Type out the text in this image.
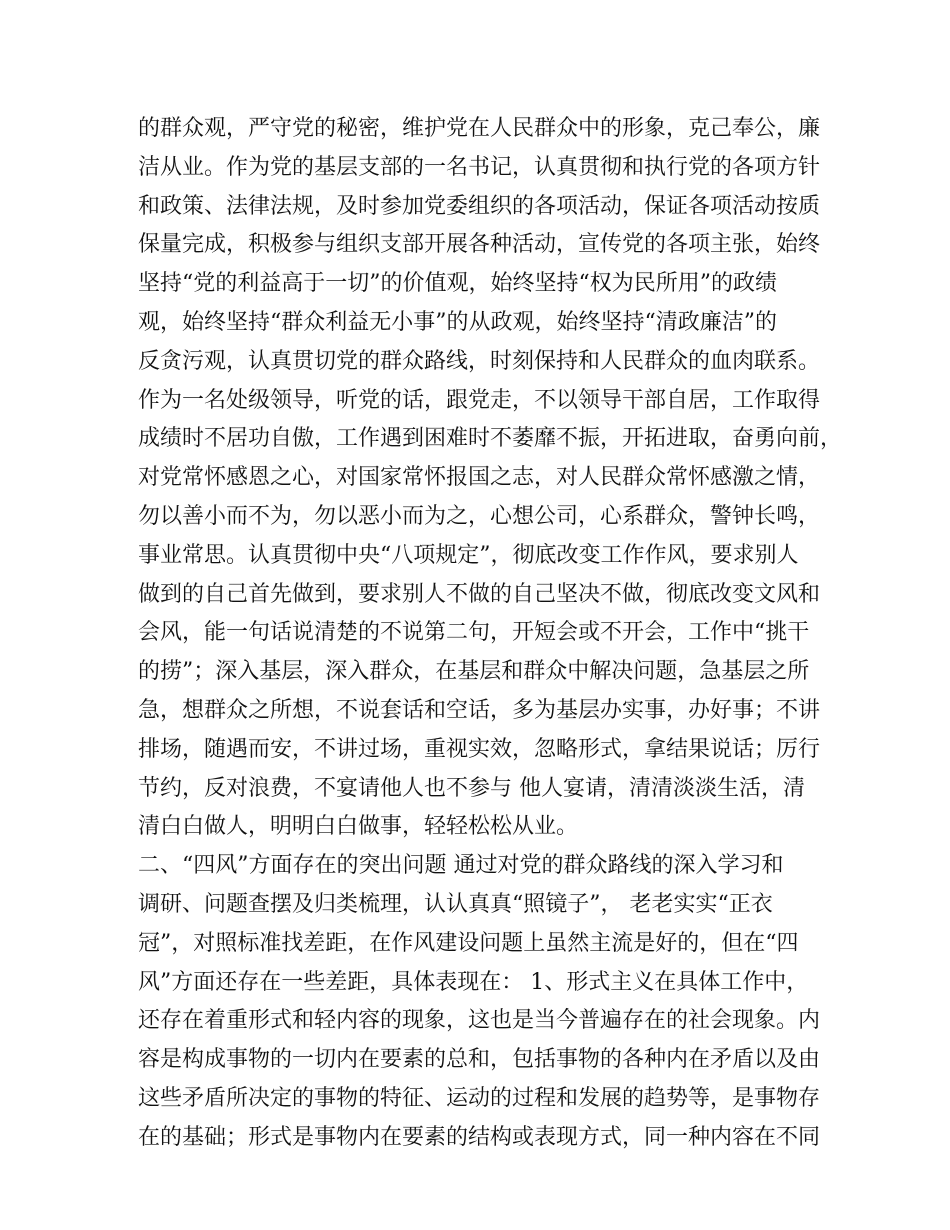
的群众观，严守党的秘密，维护党在人民群众中的形象，克己奉公，廉
洁从业。作为党的基层支部的一名书记，认真贯彻和执行党的各项方针
和政策、法律法规，及时参加党委组织的各项活动，保证各项活动按质
保量完成，积极参与组织支部开展各种活动，宣传党的各项主张，始终
坚持“党的利益高于一切”的价值观，始终坚持“权为民所用”的政绩
观，始终坚持“群众利益无小事”的从政观，始终坚持“清政廉洁”的
反贪污观，认真贯切党的群众路线，时刻保持和人民群众的血肉联系。
作为一名处级领导，听党的话，跟党走，不以领导干部自居，工作取得
成绩时不居功自傲，工作遇到困难时不萎靡不振，开拓进取，奋勇向前，
对党常怀感恩之心，对国家常怀报国之志，对人民群众常怀感激之情，
勿以善小而不为，勿以恶小而为之，心想公司，心系群众，警钟长鸣，
事业常思。认真贯彻中央“八项规定”，彻底改变工作作风，要求别人
做到的自己首先做到，要求别人不做的自己坚决不做，彻底改变文风和
会风，能一句话说清楚的不说第二句，开短会或不开会，工作中“挑干
的捞”；深入基层，深入群众，在基层和群众中解决问题，急基层之所
急，想群众之所想，不说套话和空话，多为基层办实事，办好事；不讲
排场，随遇而安，不讲过场，重视实效，忽略形式，拿结果说话；厉行
节约，反对浪费，不宴请他人也不参与 他人宴请，清清淡淡生活，清
清白白做人，明明白白做事，轻轻松松从业。
二、“四风”方面存在的突出问题 通过对党的群众路线的深入学习和
调研、问题查摆及归类梳理，认认真真“照镜子”， 老老实实“正衣
冠”，对照标准找差距，在作风建设问题上虽然主流是好的，但在“四
风”方面还存在一些差距，具体表现在： 1、形式主义在具体工作中，
还存在着重形式和轻内容的现象，这也是当今普遍存在的社会现象。内
容是构成事物的一切内在要素的总和，包括事物的各种内在矛盾以及由
这些矛盾所决定的事物的特征、运动的过程和发展的趋势等，是事物存
在的基础；形式是事物内在要素的结构或表现方式，同一种内容在不同
